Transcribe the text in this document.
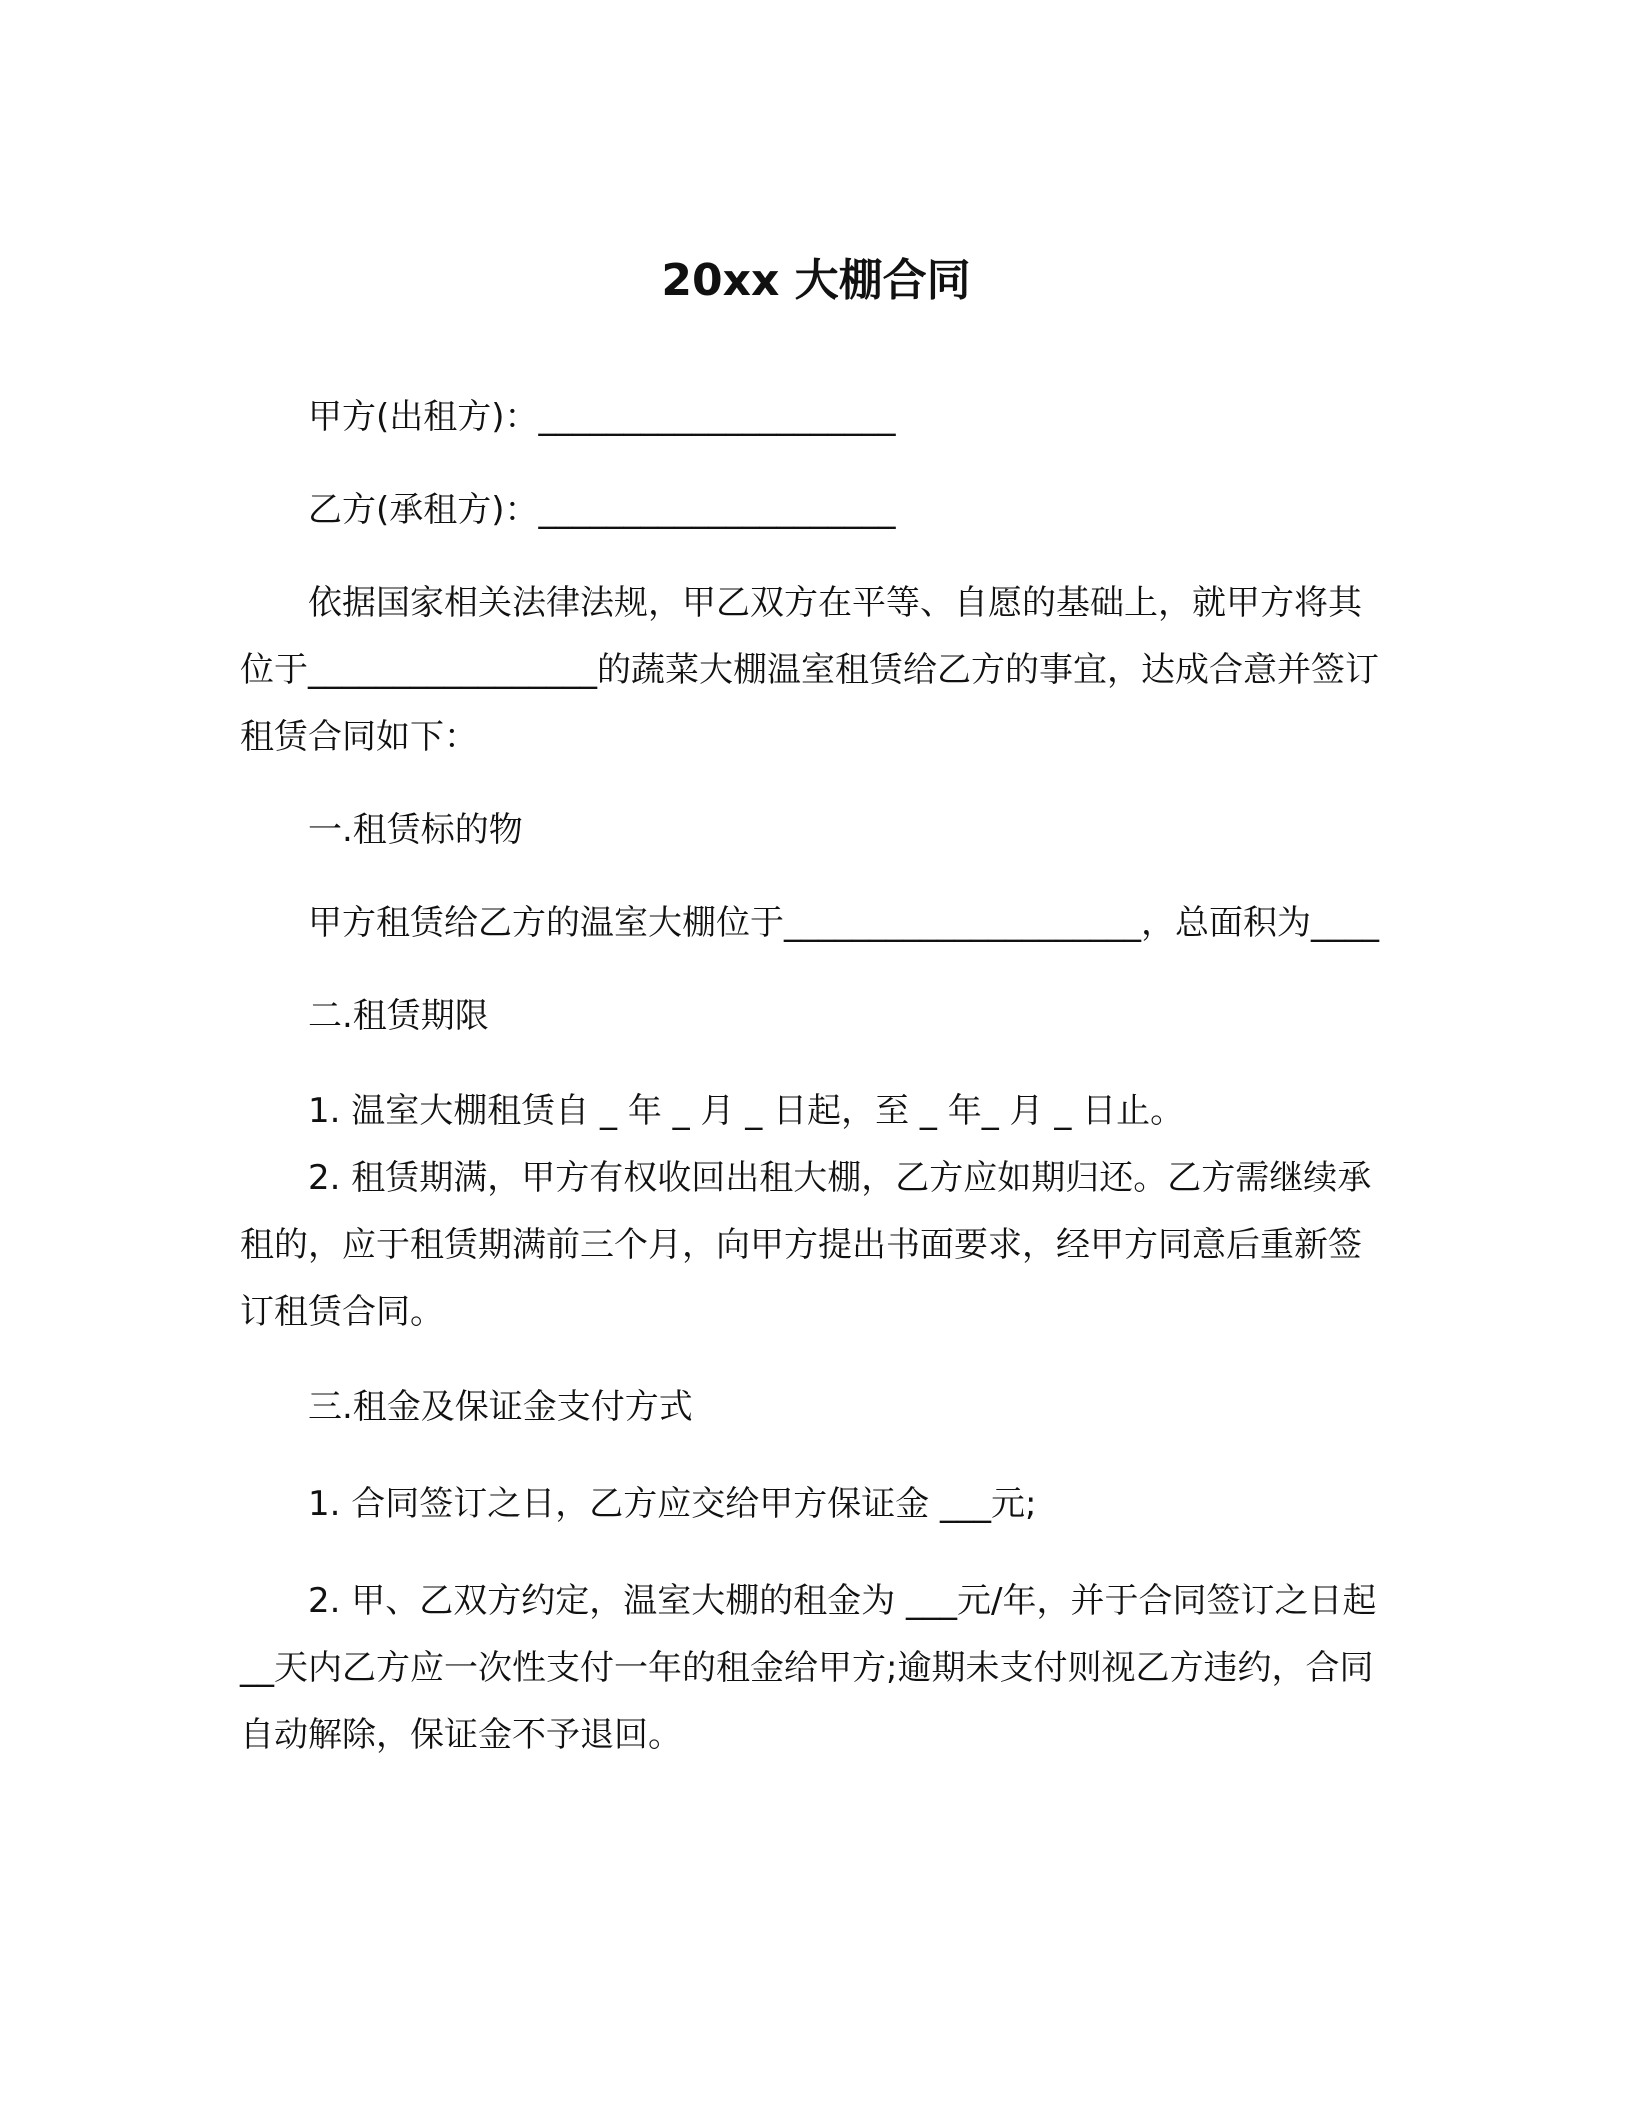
20xx 大棚合同

甲方(出租方)：_____________________

乙方(承租方)：_____________________

依据国家相关法律法规，甲乙双方在平等、自愿的基础上，就甲方将其位于_________________的蔬菜大棚温室租赁给乙方的事宜，达成合意并签订租赁合同如下：

一.租赁标的物

甲方租赁给乙方的温室大棚位于_____________________，总面积为____

二.租赁期限

1. 温室大棚租赁自 _ 年 _ 月 _ 日起，至 _ 年_ 月 _ 日止。

2. 租赁期满，甲方有权收回出租大棚，乙方应如期归还。乙方需继续承租的，应于租赁期满前三个月，向甲方提出书面要求，经甲方同意后重新签订租赁合同。

三.租金及保证金支付方式

1. 合同签订之日，乙方应交给甲方保证金 ___元;

2. 甲、乙双方约定，温室大棚的租金为 ___元/年，并于合同签订之日起 __天内乙方应一次性支付一年的租金给甲方;逾期未支付则视乙方违约，合同自动解除，保证金不予退回。
